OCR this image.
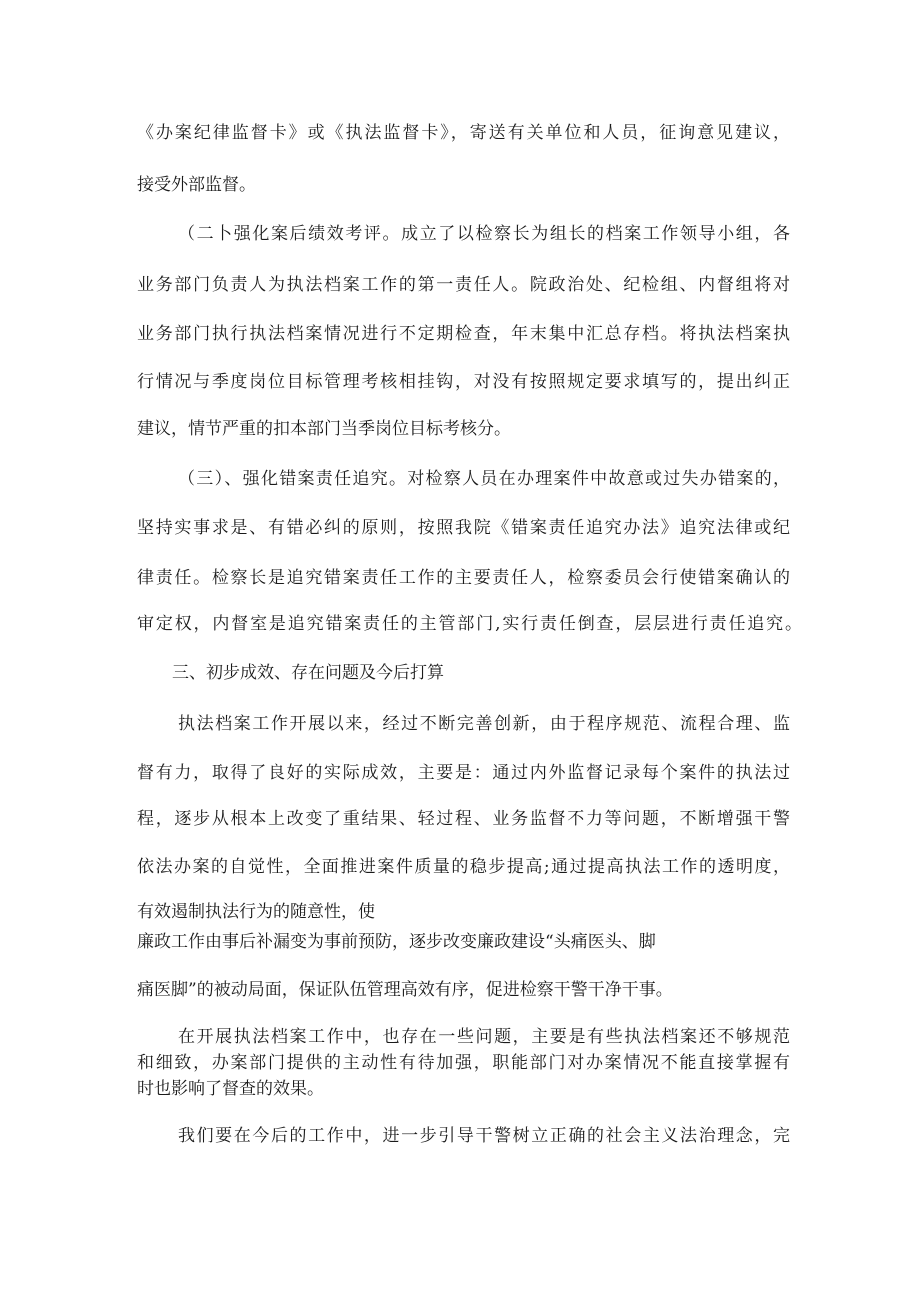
《办案纪律监督卡》或《执法监督卡》，寄送有关单位和人员，征询意见建议，

接受外部监督。

（二卜强化案后绩效考评。成立了以检察长为组长的档案工作领导小组，各

业务部门负责人为执法档案工作的第一责任人。院政治处、纪检组、内督组将对

业务部门执行执法档案情况进行不定期检查，年末集中汇总存档。将执法档案执

行情况与季度岗位目标管理考核相挂钩，对没有按照规定要求填写的，提出纠正

建议，情节严重的扣本部门当季岗位目标考核分。

（三）、强化错案责任追究。对检察人员在办理案件中故意或过失办错案的，

坚持实事求是、有错必纠的原则，按照我院《错案责任追究办法》追究法律或纪

律责任。检察长是追究错案责任工作的主要责任人，检察委员会行使错案确认的

审定权，内督室是追究错案责任的主管部门,实行责任倒查，层层进行责任追究。

三、初步成效、存在问题及今后打算

执法档案工作开展以来，经过不断完善创新，由于程序规范、流程合理、监

督有力，取得了良好的实际成效，主要是：通过内外监督记录每个案件的执法过

程，逐步从根本上改变了重结果、轻过程、业务监督不力等问题，不断增强干警

依法办案的自觉性，全面推进案件质量的稳步提高;通过提高执法工作的透明度，

有效遏制执法行为的随意性，使

廉政工作由事后补漏变为事前预防，逐步改变廉政建设“头痛医头、脚

痛医脚”的被动局面，保证队伍管理高效有序，促进检察干警干净干事。

在开展执法档案工作中，也存在一些问题，主要是有些执法档案还不够规范

和细致，办案部门提供的主动性有待加强，职能部门对办案情况不能直接掌握有

时也影响了督查的效果。

我们要在今后的工作中，进一步引导干警树立正确的社会主义法治理念，完
